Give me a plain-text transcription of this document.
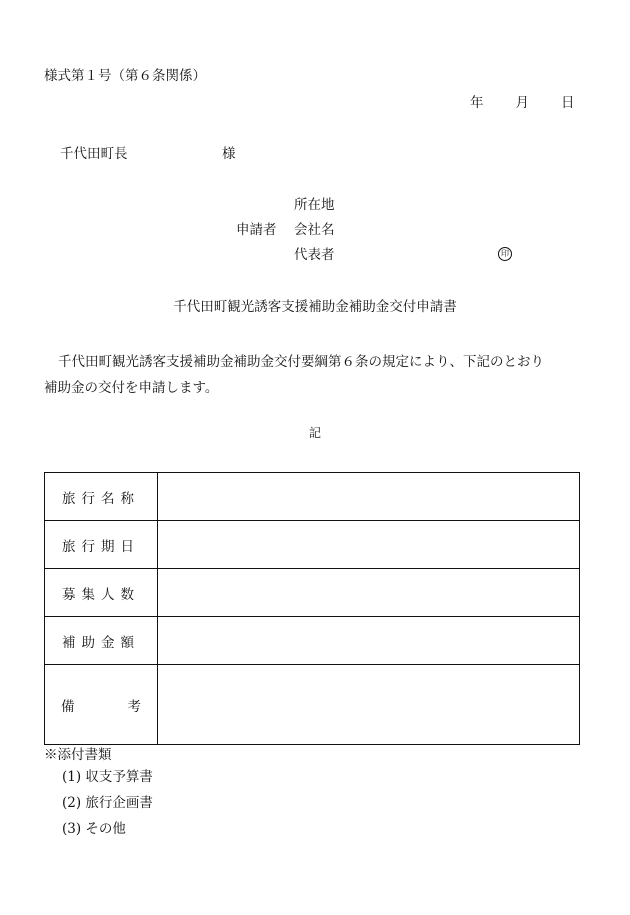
様式第１号（第６条関係）
年 月 日
千代田町長	様
申請者
所在地
会社名
代表者	印
千代田町観光誘客支援補助金補助金交付申請書
千代田町観光誘客支援補助金補助金交付要綱第６条の規定により、下記のとおり
補助金の交付を申請します。
記
旅行名称	
旅行期日	
募集人数	
補助金額	

備 考	

※添付書類
(1) 収支予算書
(2) 旅行企画書
(3) その他
